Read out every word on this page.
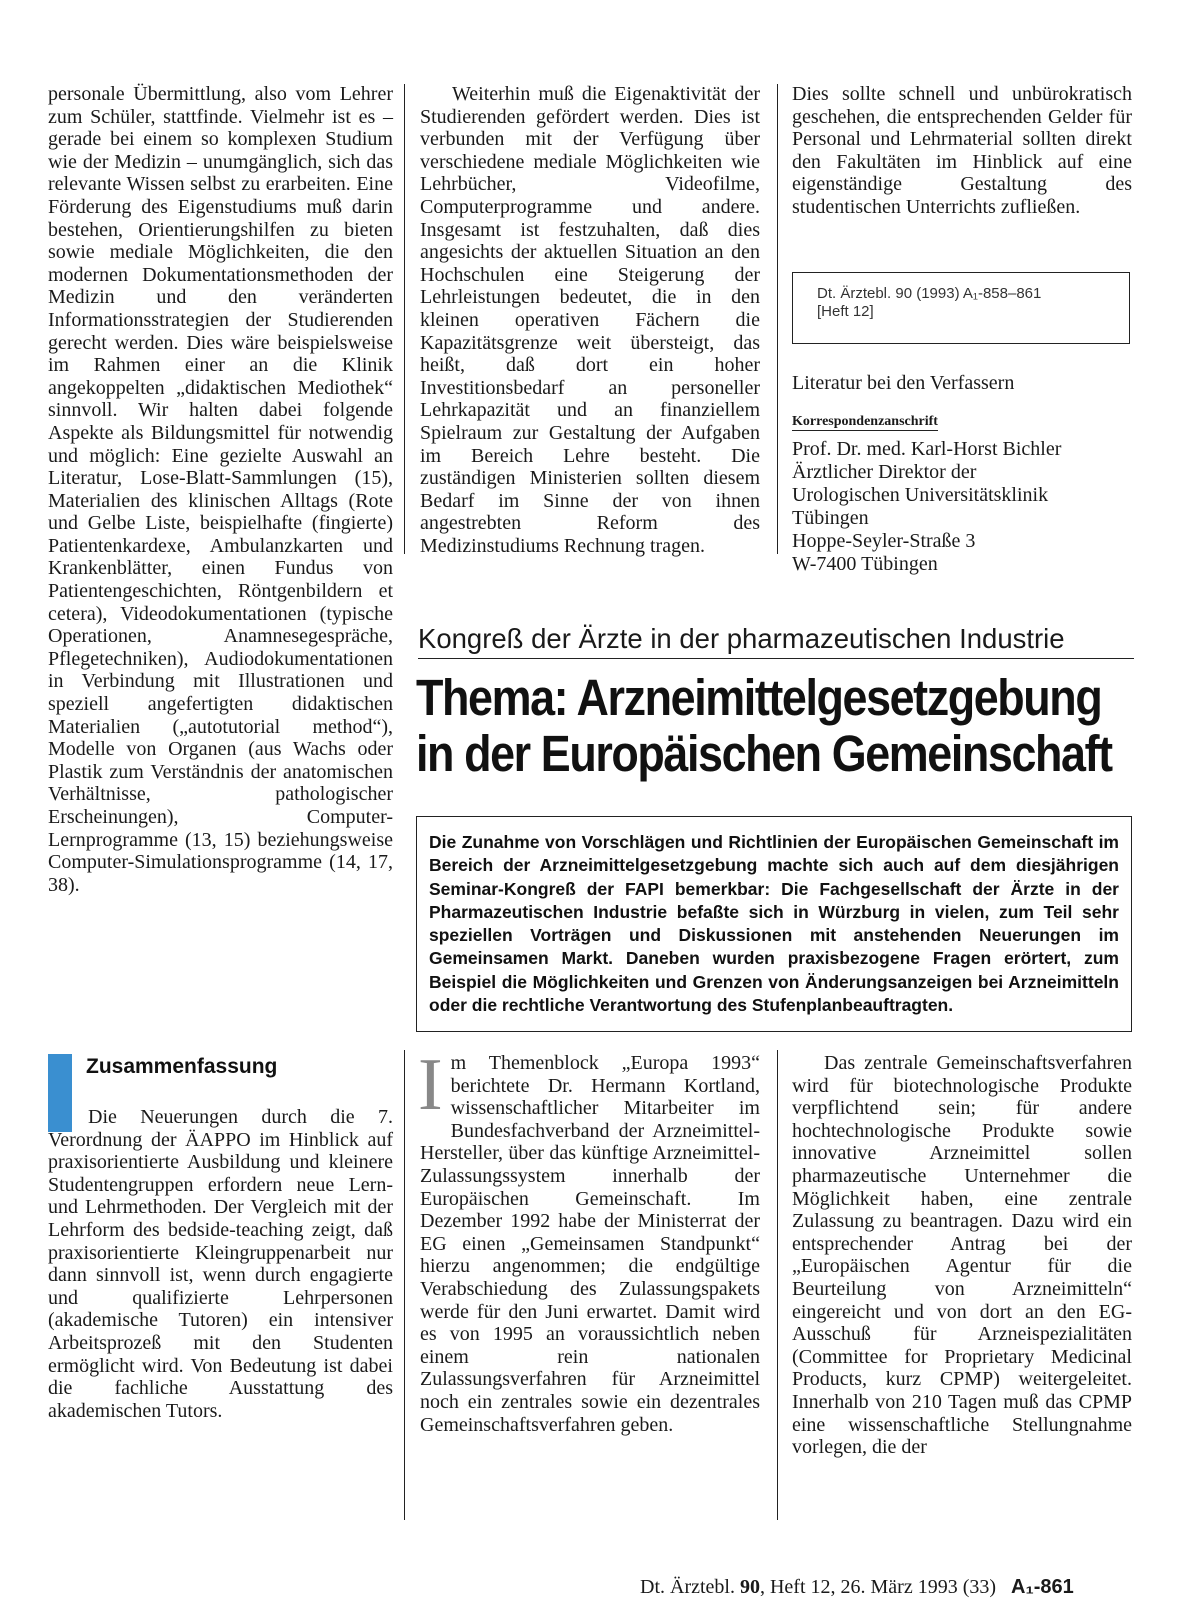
personale Übermittlung, also vom Lehrer zum Schüler, stattfinde. Vielmehr ist es – gerade bei einem so komplexen Studium wie der Medizin – unumgänglich, sich das relevante Wissen selbst zu erarbeiten. Eine Förderung des Eigenstudiums muß darin bestehen, Orientierungshilfen zu bieten sowie mediale Möglichkeiten, die den modernen Dokumentationsmethoden der Medizin und den veränderten Informationsstrategien der Studierenden gerecht werden. Dies wäre beispielsweise im Rahmen einer an die Klinik angekoppelten „didaktischen Mediothek“ sinnvoll. Wir halten dabei folgende Aspekte als Bildungsmittel für notwendig und möglich: Eine gezielte Auswahl an Literatur, Lose-Blatt-Sammlungen (15), Materialien des klinischen Alltags (Rote und Gelbe Liste, beispielhafte (fingierte) Patientenkardexe, Ambulanzkarten und Krankenblätter, einen Fundus von Patientengeschichten, Röntgenbildern et cetera), Videodokumentationen (typische Operationen, Anamnesegespräche, Pflegetechniken), Audiodokumentationen in Verbindung mit Illustrationen und speziell angefertigten didaktischen Materialien („autotutorial method“), Modelle von Organen (aus Wachs oder Plastik zum Verständnis der anatomischen Verhältnisse, pathologischer Erscheinungen), Computer-Lernprogramme (13, 15) beziehungsweise Computer-Simulationsprogramme (14, 17, 38).

Weiterhin muß die Eigenaktivität der Studierenden gefördert werden. Dies ist verbunden mit der Verfügung über verschiedene mediale Möglichkeiten wie Lehrbücher, Videofilme, Computerprogramme und andere. Insgesamt ist festzuhalten, daß dies angesichts der aktuellen Situation an den Hochschulen eine Steigerung der Lehrleistungen bedeutet, die in den kleinen operativen Fächern die Kapazitätsgrenze weit übersteigt, das heißt, daß dort ein hoher Investitionsbedarf an personeller Lehrkapazität und an finanziellem Spielraum zur Gestaltung der Aufgaben im Bereich Lehre besteht. Die zuständigen Ministerien sollten diesem Bedarf im Sinne der von ihnen angestrebten Reform des Medizinstudiums Rechnung tragen.

Dies sollte schnell und unbürokratisch geschehen, die entsprechenden Gelder für Personal und Lehrmaterial sollten direkt den Fakultäten im Hinblick auf eine eigenständige Gestaltung des studentischen Unterrichts zufließen.

Dt. Ärztebl. 90 (1993) A₁-858–861
[Heft 12]
Literatur bei den Verfassern
Korrespondenzanschrift
Prof. Dr. med. Karl-Horst Bichler
Ärztlicher Direktor der
Urologischen Universitätsklinik
Tübingen
Hoppe-Seyler-Straße 3
W-7400 Tübingen
Kongreß der Ärzte in der pharmazeutischen Industrie
Thema: Arzneimittelgesetzgebung
in der Europäischen Gemeinschaft
Die Zunahme von Vorschlägen und Richtlinien der Europäischen Gemeinschaft im Bereich der Arzneimittelgesetzgebung machte sich auch auf dem diesjährigen Seminar-Kongreß der FAPI bemerkbar: Die Fachgesellschaft der Ärzte in der Pharmazeutischen Industrie befaßte sich in Würzburg in vielen, zum Teil sehr speziellen Vorträgen und Diskussionen mit anstehenden Neuerungen im Gemeinsamen Markt. Daneben wurden praxisbezogene Fragen erörtert, zum Beispiel die Möglichkeiten und Grenzen von Änderungsanzeigen bei Arzneimitteln oder die rechtliche Verantwortung des Stufenplanbeauftragten.
Zusammenfassung

Die Neuerungen durch die 7. Verordnung der ÄAPPO im Hinblick auf praxisorientierte Ausbildung und kleinere Studentengruppen erfordern neue Lern- und Lehrmethoden. Der Vergleich mit der Lehrform des bedside-teaching zeigt, daß praxisorientierte Kleingruppenarbeit nur dann sinnvoll ist, wenn durch engagierte und qualifizierte Lehrpersonen (akademische Tutoren) ein intensiver Arbeitsprozeß mit den Studenten ermöglicht wird. Von Bedeutung ist dabei die fachliche Ausstattung des akademischen Tutors.

I m Themenblock „Europa 1993“ berichtete Dr. Hermann Kortland, wissenschaftlicher Mitarbeiter im Bundesfachverband der Arzneimittel-Hersteller, über das künftige Arzneimittel-Zulassungssystem innerhalb der Europäischen Gemeinschaft. Im Dezember 1992 habe der Ministerrat der EG einen „Gemeinsamen Standpunkt“ hierzu angenommen; die endgültige Verabschiedung des Zulassungspakets werde für den Juni erwartet. Damit wird es von 1995 an voraussichtlich neben einem rein nationalen Zulassungsverfahren für Arzneimittel noch ein zentrales sowie ein dezentrales Gemeinschaftsverfahren geben.

Das zentrale Gemeinschaftsverfahren wird für biotechnologische Produkte verpflichtend sein; für andere hochtechnologische Produkte sowie innovative Arzneimittel sollen pharmazeutische Unternehmer die Möglichkeit haben, eine zentrale Zulassung zu beantragen. Dazu wird ein entsprechender Antrag bei der „Europäischen Agentur für die Beurteilung von Arzneimitteln“ eingereicht und von dort an den EG-Ausschuß für Arzneispezialitäten (Committee for Proprietary Medicinal Products, kurz CPMP) weitergeleitet. Innerhalb von 210 Tagen muß das CPMP eine wissenschaftliche Stellungnahme vorlegen, die der

Dt. Ärztebl. 90, Heft 12, 26. März 1993 (33) A₁-861
